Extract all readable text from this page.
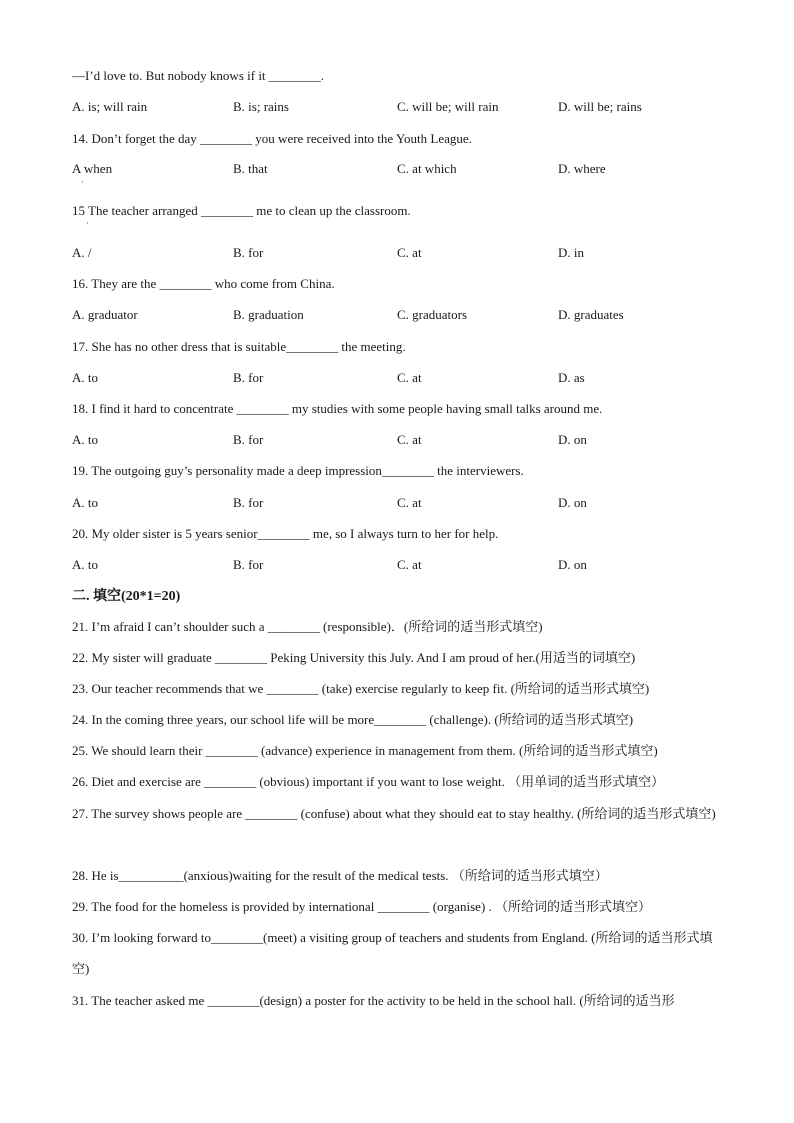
—I’d love to. But nobody knows if it ________.
A. is; will rain	B. is; rains	C. will be; will rain	D. will be; rains
14. Don’t forget the day ________ you were received into the Youth League.
A when	B. that	C. at which	D. where
·
15 The teacher arranged ________ me to clean up the classroom.
·
A. /	B. for	C. at	D. in
16. They are the ________ who come from China.
A. graduator	B. graduation	C. graduators	D. graduates
17. She has no other dress that is suitable________ the meeting.
A. to	B. for	C. at	D. as
18. I find it hard to concentrate ________ my studies with some people having small talks around me.
A. to	B. for	C. at	D. on
19. The outgoing guy’s personality made a deep impression________ the interviewers.
A. to	B. for	C. at	D. on
20. My older sister is 5 years senior________ me, so I always turn to her for help.
A. to	B. for	C. at	D. on
二. 填空(20*1=20)
21. I’m afraid I can’t shoulder such a ________ (responsible)．(所给词的适当形式填空)
22. My sister will graduate ________ Peking University this July. And I am proud of her.(用适当的词填空)
23. Our teacher recommends that we ________ (take) exercise regularly to keep fit. (所给词的适当形式填空)
24. In the coming three years, our school life will be more________ (challenge). (所给词的适当形式填空)
25. We should learn their ________ (advance) experience in management from them. (所给词的适当形式填空)
26. Diet and exercise are ________ (obvious) important if you want to lose weight. （用单词的适当形式填空）
27. The survey shows people are ________ (confuse) about what they should eat to stay healthy. (所给词的适当形式填空)
28. He is__________(anxious)waiting for the result of the medical tests. （所给词的适当形式填空）
29. The food for the homeless is provided by international ________ (organise) . （所给词的适当形式填空）
30. I’m looking forward to________(meet) a visiting group of teachers and students from England. (所给词的适当形式填空)
31. The teacher asked me ________(design) a poster for the activity to be held in the school hall. (所给词的适当形
